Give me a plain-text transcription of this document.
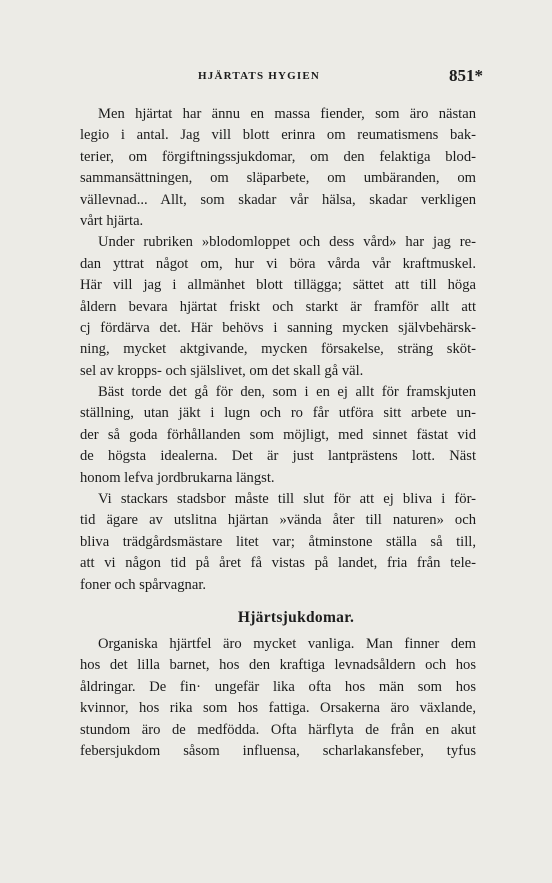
HJÄRTATS HYGIEN	851*
Men hjärtat har ännu en massa fiender, som äro nästan
legio i antal. Jag vill blott erinra om reumatismens bak-
terier, om förgiftningssjukdomar, om den felaktiga blod-
sammansättningen, om släparbete, om umbäranden, om
vällevnad... Allt, som skadar vår hälsa, skadar verkligen
vårt hjärta.
Under rubriken »blodomloppet och dess vård» har jag re-
dan yttrat något om, hur vi böra vårda vår kraftmuskel.
Här vill jag i allmänhet blott tillägga; sättet att till höga
åldern bevara hjärtat friskt och starkt är framför allt att
cj fördärva det. Här behövs i sanning mycken självbehärsk-
ning, mycket aktgivande, mycken försakelse, sträng sköt-
sel av kropps- och själslivet, om det skall gå väl.
Bäst torde det gå för den, som i en ej allt för framskjuten
ställning, utan jäkt i lugn och ro får utföra sitt arbete un-
der så goda förhållanden som möjligt, med sinnet fästat vid
de högsta idealerna. Det är just lantprästens lott. Näst
honom lefva jordbrukarna längst.
Vi stackars stadsbor måste till slut för att ej bliva i för-
tid ägare av utslitna hjärtan »vända åter till naturen» och
bliva trädgårdsmästare litet var; åtminstone ställa så till,
att vi någon tid på året få vistas på landet, fria från tele-
foner och spårvagnar.
Hjärtsjukdomar.
Organiska hjärtfel äro mycket vanliga. Man finner dem
hos det lilla barnet, hos den kraftiga levnadsåldern och hos
åldringar. De fin· ungefär lika ofta hos män som hos
kvinnor, hos rika som hos fattiga. Orsakerna äro växlande,
stundom äro de medfödda. Ofta härflyta de från en akut
febersjukdom såsom influensa, scharlakansfeber, tyfus
